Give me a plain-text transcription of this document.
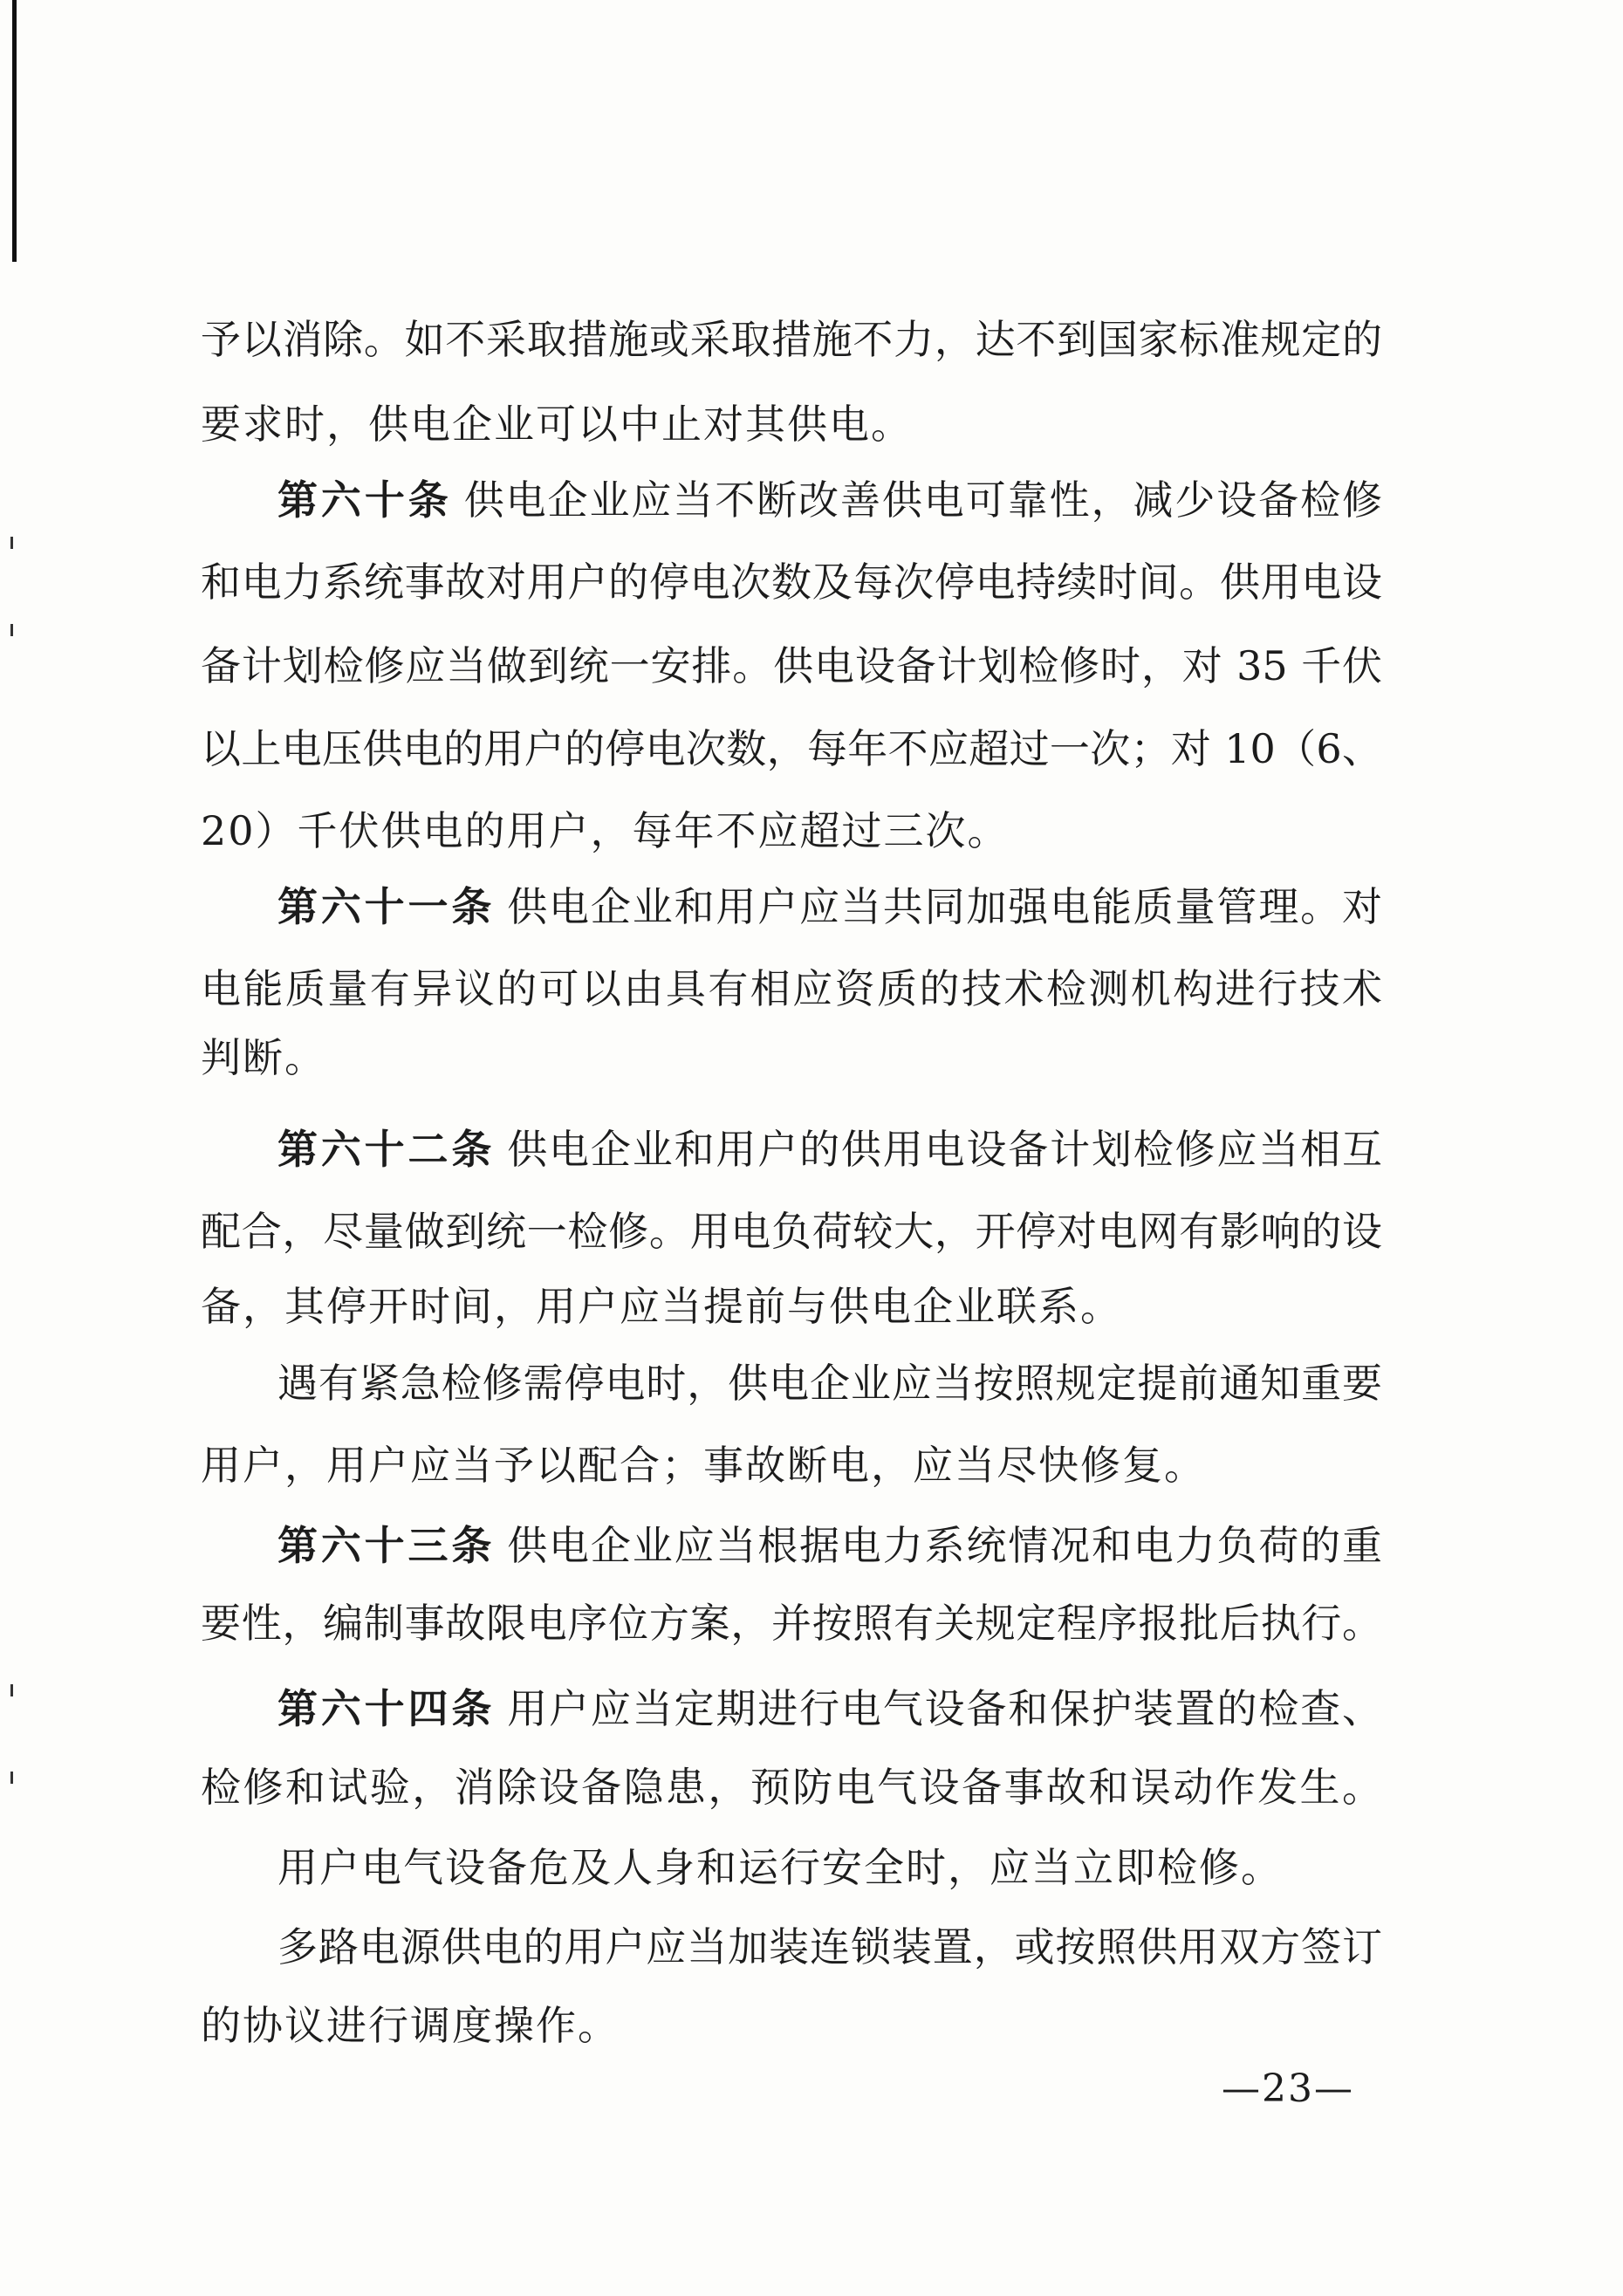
予以消除。如不采取措施或采取措施不力，达不到国家标准规定的
要求时，供电企业可以中止对其供电。
第六十条 供电企业应当不断改善供电可靠性，减少设备检修
和电力系统事故对用户的停电次数及每次停电持续时间。供用电设
备计划检修应当做到统一安排。供电设备计划检修时，对 35 千伏
以上电压供电的用户的停电次数，每年不应超过一次；对 10（6、
20）千伏供电的用户，每年不应超过三次。
第六十一条 供电企业和用户应当共同加强电能质量管理。对
电能质量有异议的可以由具有相应资质的技术检测机构进行技术
判断。
第六十二条 供电企业和用户的供用电设备计划检修应当相互
配合，尽量做到统一检修。用电负荷较大，开停对电网有影响的设
备，其停开时间，用户应当提前与供电企业联系。
遇有紧急检修需停电时，供电企业应当按照规定提前通知重要
用户，用户应当予以配合；事故断电，应当尽快修复。
第六十三条 供电企业应当根据电力系统情况和电力负荷的重
要性，编制事故限电序位方案，并按照有关规定程序报批后执行。
第六十四条 用户应当定期进行电气设备和保护装置的检查、
检修和试验，消除设备隐患，预防电气设备事故和误动作发生。
用户电气设备危及人身和运行安全时，应当立即检修。
多路电源供电的用户应当加装连锁装置，或按照供用双方签订
的协议进行调度操作。
—23—
